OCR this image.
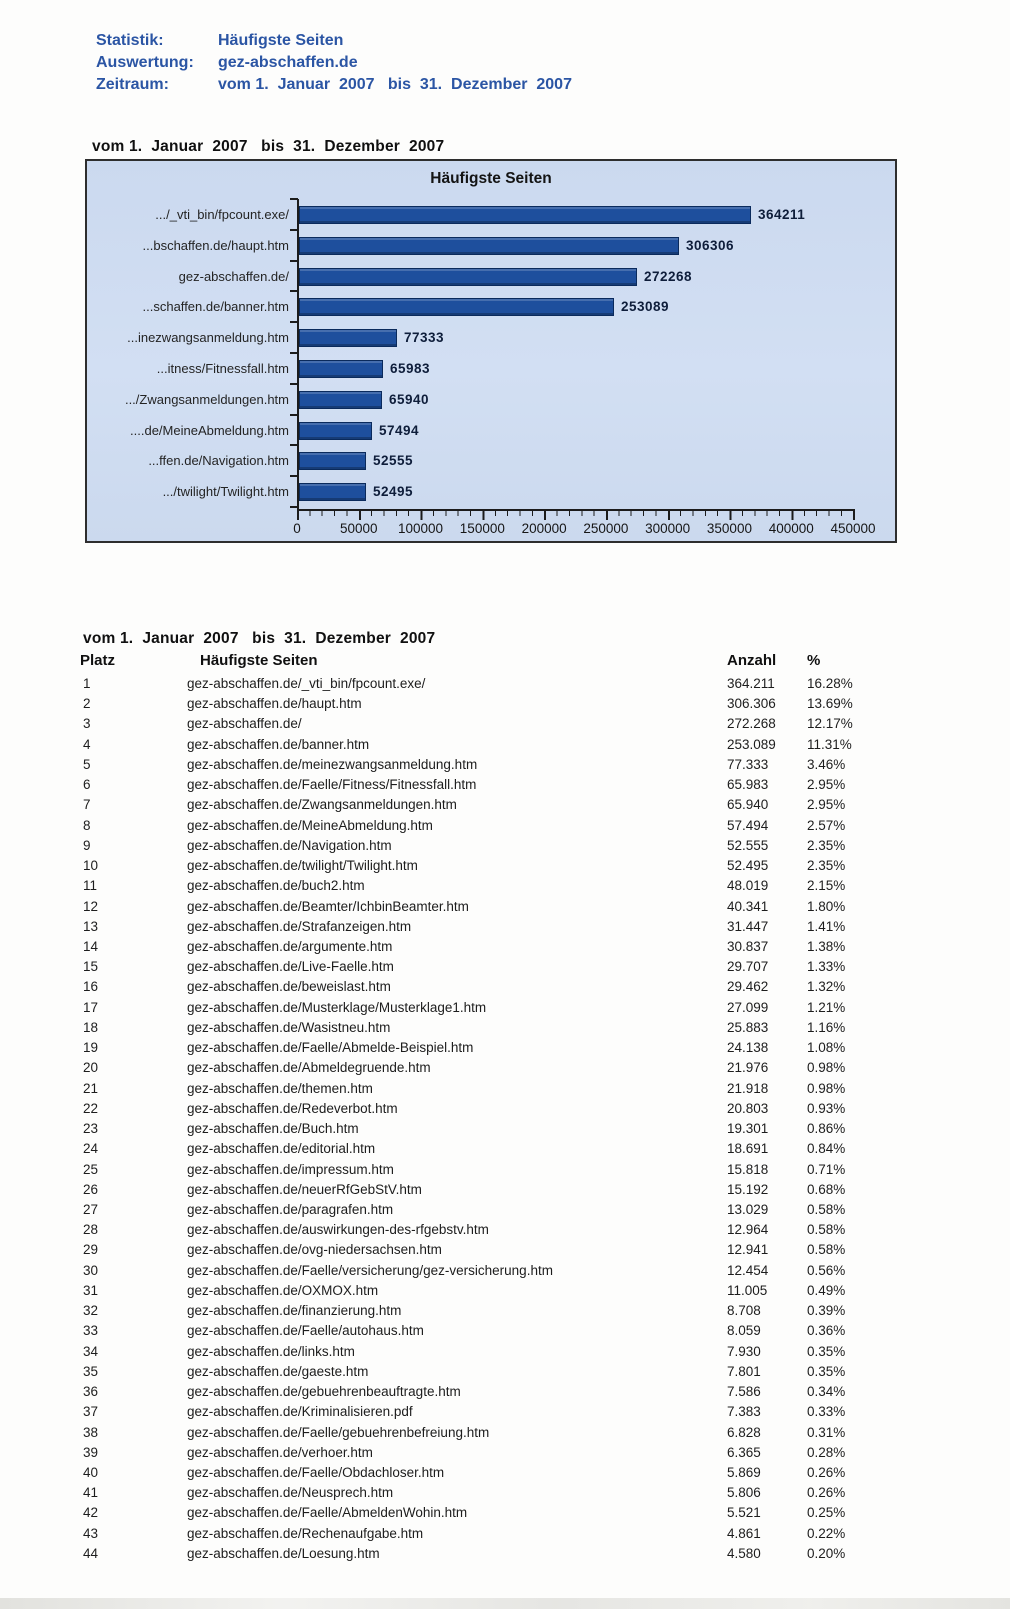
Statistik:	Häufigste Seiten
Auswertung:	gez-abschaffen.de
Zeitraum:	vom 1.  Januar  2007   bis  31.  Dezember  2007
vom 1.  Januar  2007   bis  31.  Dezember  2007
Häufigste Seiten
.../_vti_bin/fpcount.exe/	364211
...bschaffen.de/haupt.htm	306306
gez-abschaffen.de/	272268
...schaffen.de/banner.htm	253089
...inezwangsanmeldung.htm	77333
...itness/Fitnessfall.htm	65983
.../Zwangsanmeldungen.htm	65940
....de/MeineAbmeldung.htm	57494
...ffen.de/Navigation.htm	52555
.../twilight/Twilight.htm	52495
0	50000	100000	150000	200000	250000	300000	350000	400000	450000
vom 1.  Januar  2007   bis  31.  Dezember  2007
Platz	Häufigste Seiten	Anzahl %
1	gez-abschaffen.de/_vti_bin/fpcount.exe/	364.211 16.28%
2	gez-abschaffen.de/haupt.htm	306.306 13.69%
3	gez-abschaffen.de/	272.268 12.17%
4	gez-abschaffen.de/banner.htm	253.089 11.31%
5	gez-abschaffen.de/meinezwangsanmeldung.htm	77.333	3.46%
6	gez-abschaffen.de/Faelle/Fitness/Fitnessfall.htm	65.983	2.95%
7	gez-abschaffen.de/Zwangsanmeldungen.htm	65.940	2.95%
8	gez-abschaffen.de/MeineAbmeldung.htm	57.494	2.57%
9	gez-abschaffen.de/Navigation.htm	52.555	2.35%
10	gez-abschaffen.de/twilight/Twilight.htm	52.495	2.35%
11	gez-abschaffen.de/buch2.htm	48.019	2.15%
12	gez-abschaffen.de/Beamter/IchbinBeamter.htm	40.341	1.80%
13	gez-abschaffen.de/Strafanzeigen.htm	31.447	1.41%
14	gez-abschaffen.de/argumente.htm	30.837	1.38%
15	gez-abschaffen.de/Live-Faelle.htm	29.707	1.33%
16	gez-abschaffen.de/beweislast.htm	29.462	1.32%
17	gez-abschaffen.de/Musterklage/Musterklage1.htm	27.099	1.21%
18	gez-abschaffen.de/Wasistneu.htm	25.883	1.16%
19	gez-abschaffen.de/Faelle/Abmelde-Beispiel.htm	24.138	1.08%
20	gez-abschaffen.de/Abmeldegruende.htm	21.976	0.98%
21	gez-abschaffen.de/themen.htm	21.918	0.98%
22	gez-abschaffen.de/Redeverbot.htm	20.803	0.93%
23	gez-abschaffen.de/Buch.htm	19.301	0.86%
24	gez-abschaffen.de/editorial.htm	18.691	0.84%
25	gez-abschaffen.de/impressum.htm	15.818	0.71%
26	gez-abschaffen.de/neuerRfGebStV.htm	15.192	0.68%
27	gez-abschaffen.de/paragrafen.htm	13.029	0.58%
28	gez-abschaffen.de/auswirkungen-des-rfgebstv.htm	12.964	0.58%
29	gez-abschaffen.de/ovg-niedersachsen.htm	12.941	0.58%
30	gez-abschaffen.de/Faelle/versicherung/gez-versicherung.htm	12.454	0.56%
31	gez-abschaffen.de/OXMOX.htm	11.005	0.49%
32	gez-abschaffen.de/finanzierung.htm	8.708	0.39%
33	gez-abschaffen.de/Faelle/autohaus.htm	8.059	0.36%
34	gez-abschaffen.de/links.htm	7.930	0.35%
35	gez-abschaffen.de/gaeste.htm	7.801	0.35%
36	gez-abschaffen.de/gebuehrenbeauftragte.htm	7.586	0.34%
37	gez-abschaffen.de/Kriminalisieren.pdf	7.383	0.33%
38	gez-abschaffen.de/Faelle/gebuehrenbefreiung.htm	6.828	0.31%
39	gez-abschaffen.de/verhoer.htm	6.365	0.28%
40	gez-abschaffen.de/Faelle/Obdachloser.htm	5.869	0.26%
41	gez-abschaffen.de/Neusprech.htm	5.806	0.26%
42	gez-abschaffen.de/Faelle/AbmeldenWohin.htm	5.521	0.25%
43	gez-abschaffen.de/Rechenaufgabe.htm	4.861	0.22%
44	gez-abschaffen.de/Loesung.htm	4.580	0.20%
